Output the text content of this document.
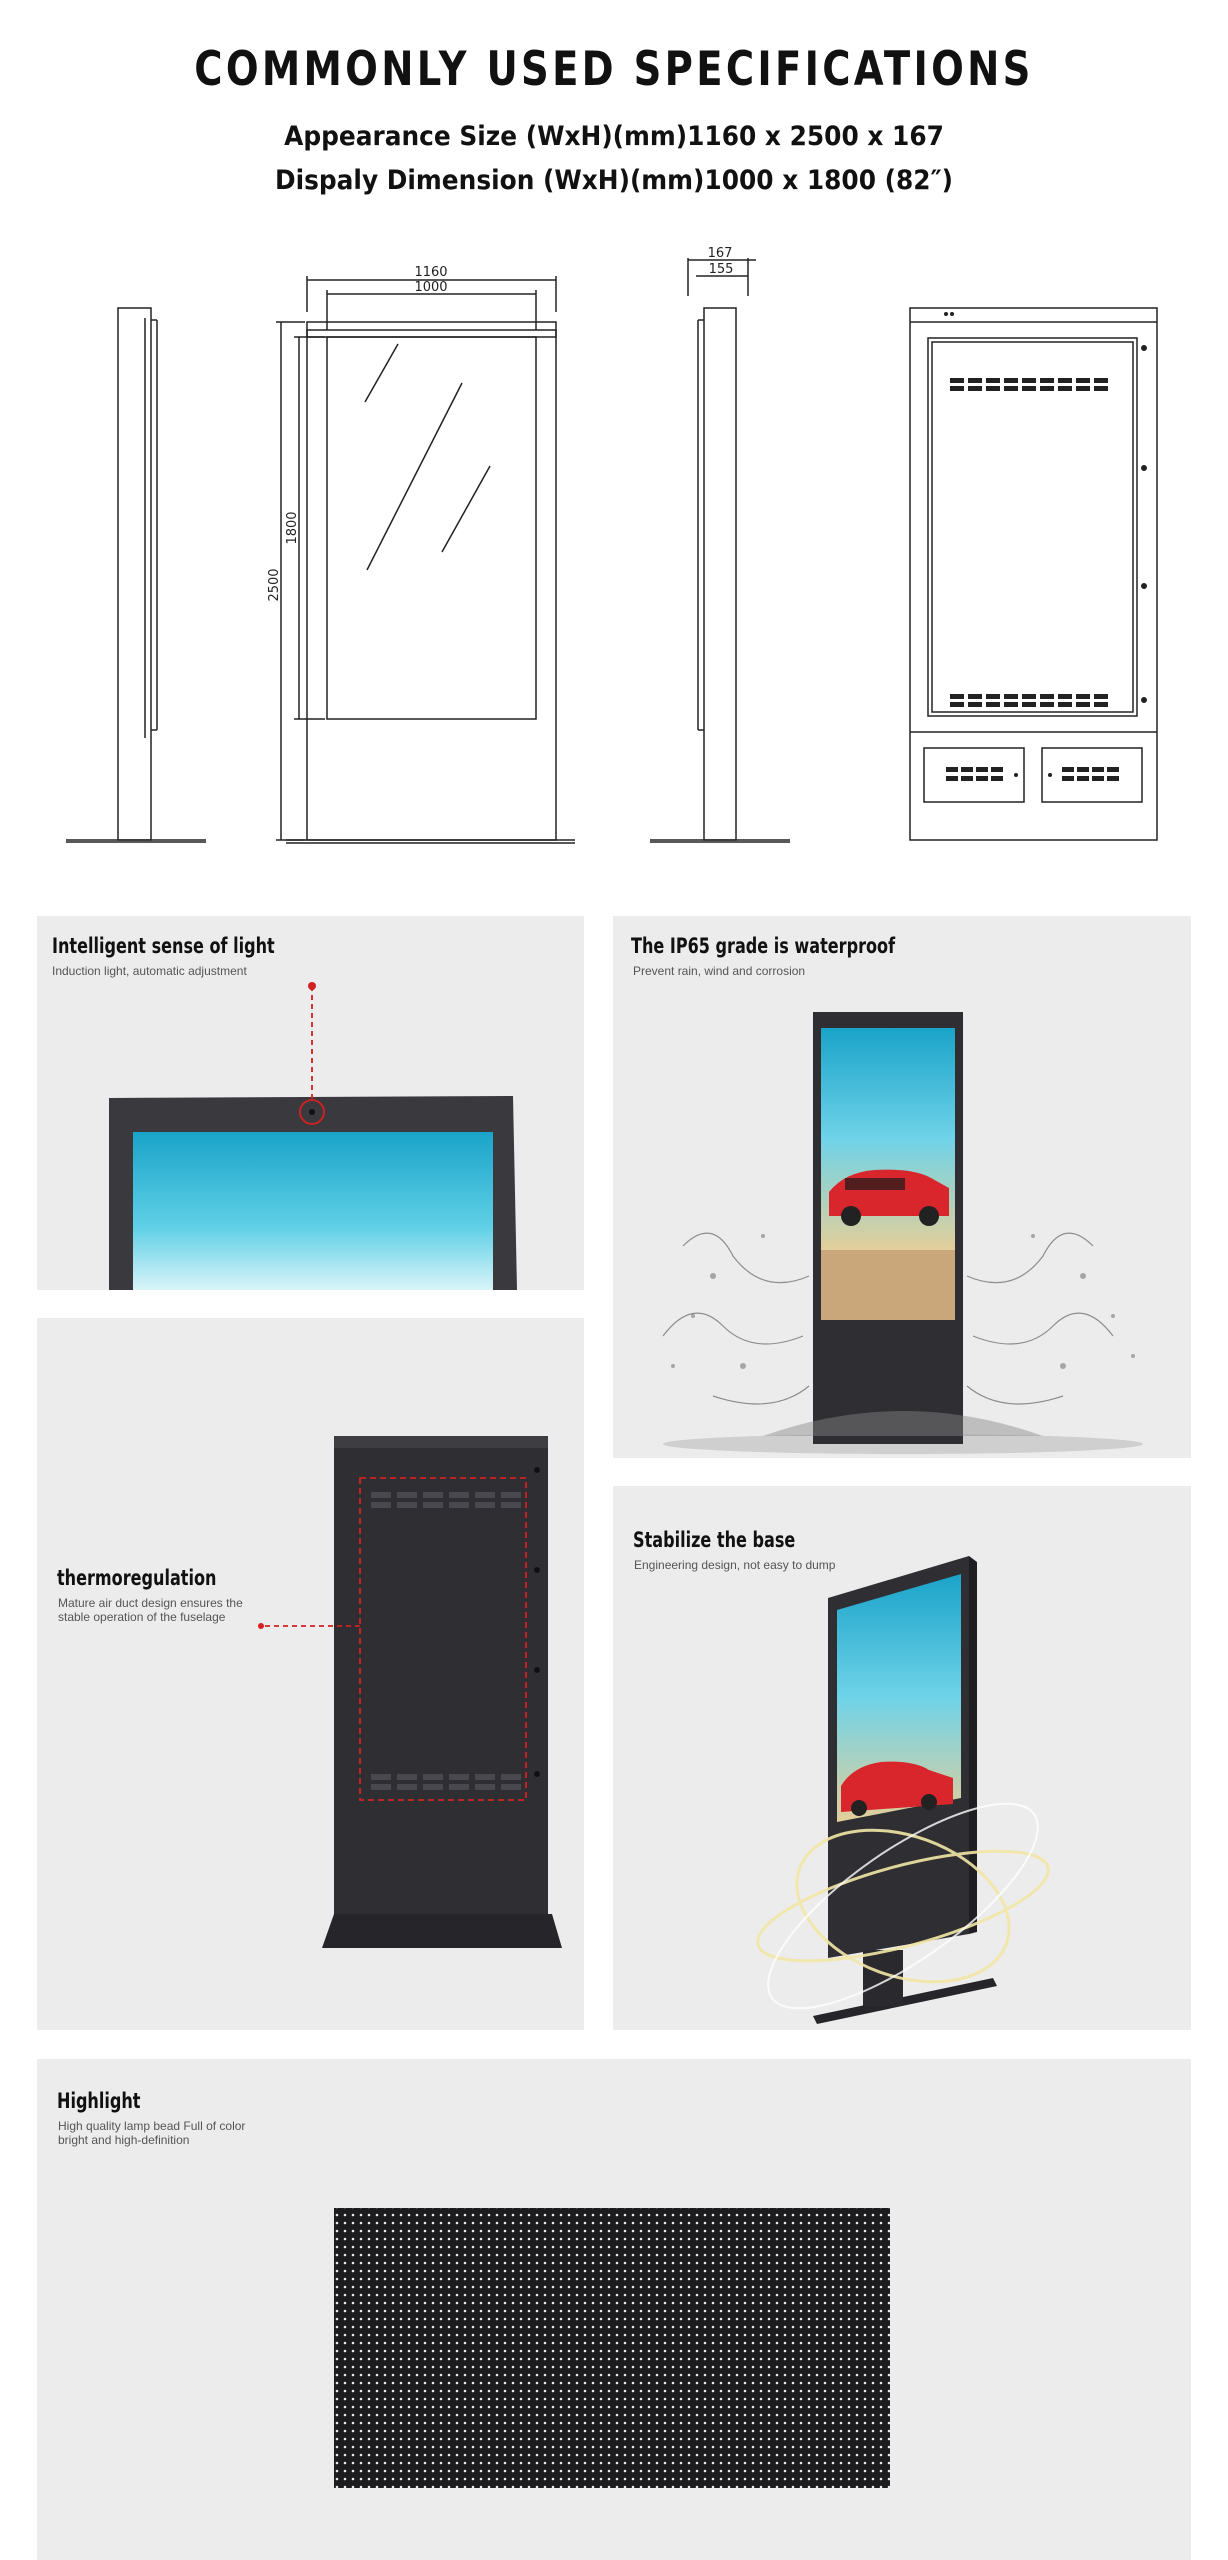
COMMONLY USED SPECIFICATIONS
Appearance Size (WxH)(mm)1160 x 2500 x 167
Dispaly Dimension (WxH)(mm)1000 x 1800 (82″)
1160
1000
2500
1800
167
155
Intelligent sense of light
Induction light, automatic adjustment
The IP65 grade is waterproof
Prevent rain, wind and corrosion
thermoregulation
Mature air duct design ensures the
stable operation of the fuselage
Stabilize the base
Engineering design, not easy to dump
Highlight
High quality lamp bead Full of color
bright and high-definition
